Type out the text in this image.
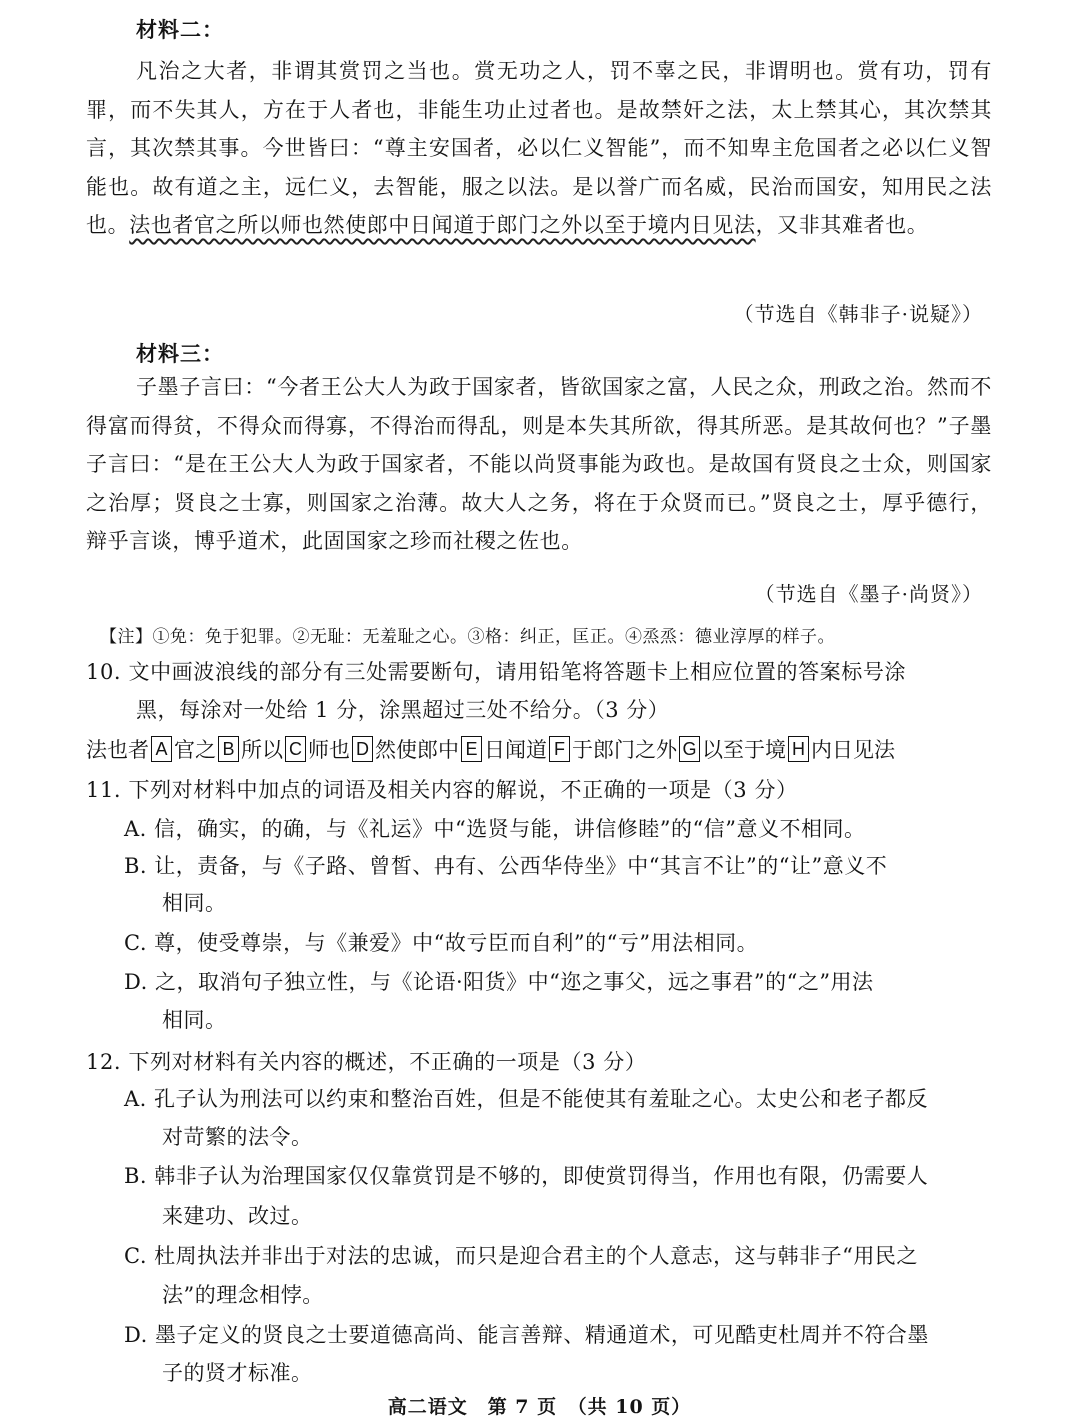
材料二：
凡治之大者，非谓其赏罚之当也。赏无功之人，罚不辜之民，非谓明也。赏有功，罚有罪，而不失其人，方在于人者也，非能生功止过者也。是故禁奸之法，太上禁其心，其次禁其言，其次禁其事。今世皆曰：“尊主安国者，必以仁义智能”，而不知卑主危国者之必以仁义智能也。故有道之主，远仁义，去智能，服之以法。是以誉广而名威，民治而国安，知用民之法也。法也者官之所以师也然使郎中日闻道于郎门之外以至于境内日见法，又非其难者也。
（节选自《韩非子·说疑》）
材料三：
子墨子言曰：“今者王公大人为政于国家者，皆欲国家之富，人民之众，刑政之治。然而不得富而得贫，不得众而得寡，不得治而得乱，则是本失其所欲，得其所恶。是其故何也？”子墨子言曰：“是在王公大人为政于国家者，不能以尚贤事能为政也。是故国有贤良之士众，则国家之治厚；贤良之士寡，则国家之治薄。故大人之务，将在于众贤而已。”贤良之士，厚乎德行，辩乎言谈，博乎道术，此固国家之珍而社稷之佐也。
（节选自《墨子·尚贤》）
【注】①免：免于犯罪。②无耻：无羞耻之心。③格：纠正，匡正。④烝烝：德业淳厚的样子。
10. 文中画波浪线的部分有三处需要断句，请用铅笔将答题卡上相应位置的答案标号涂
黑，每涂对一处给 1 分，涂黑超过三处不给分。（3 分）
法也者 A 官之 B 所以 C 师也 D 然使郎中 E 日闻道 F 于郎门之外 G 以至于境 H 内日见法
11. 下列对材料中加点的词语及相关内容的解说，不正确的一项是（3 分）
A. 信，确实，的确，与《礼运》中“选贤与能，讲信修睦”的“信”意义不相同。
B. 让，责备，与《子路、曾皙、冉有、公西华侍坐》中“其言不让”的“让”意义不
相同。
C. 尊，使受尊崇，与《兼爱》中“故亏臣而自利”的“亏”用法相同。
D. 之，取消句子独立性，与《论语·阳货》中“迩之事父，远之事君”的“之”用法
相同。
12. 下列对材料有关内容的概述，不正确的一项是（3 分）
A. 孔子认为刑法可以约束和整治百姓，但是不能使其有羞耻之心。太史公和老子都反
对苛繁的法令。
B. 韩非子认为治理国家仅仅靠赏罚是不够的，即使赏罚得当，作用也有限，仍需要人
来建功、改过。
C. 杜周执法并非出于对法的忠诚，而只是迎合君主的个人意志，这与韩非子“用民之
法”的理念相悖。
D. 墨子定义的贤良之士要道德高尚、能言善辩、精通道术，可见酷吏杜周并不符合墨
子的贤才标准。
高二语文　第 7 页　（共 10 页）
